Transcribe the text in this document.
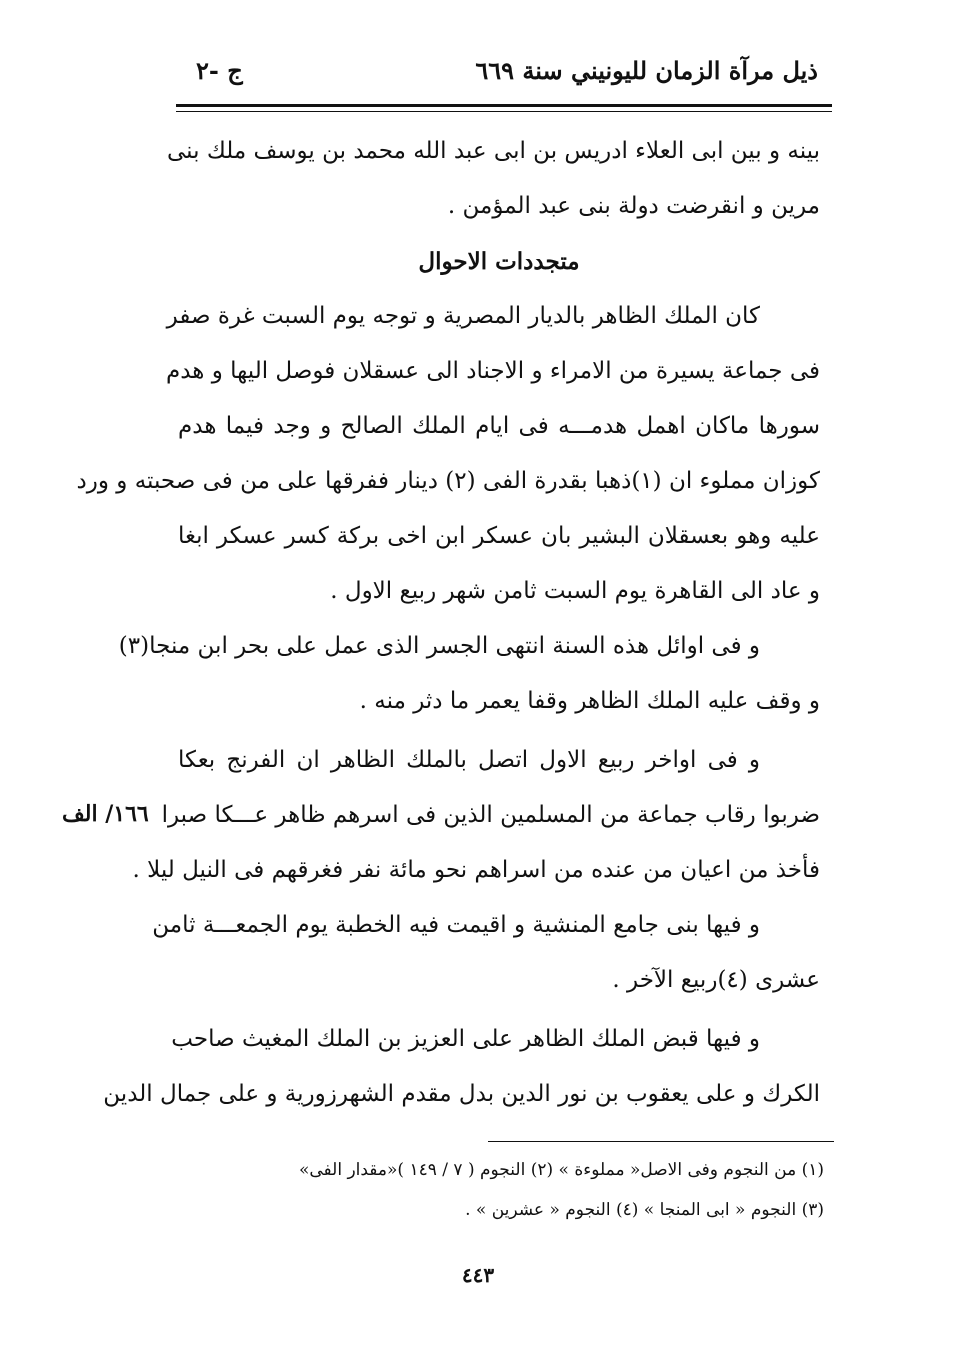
ذيل مرآة الزمان لليونيني سنة ٦٦٩
ج -٢
بينه و بين ابى العلاء ادريس بن ابى عبد الله محمد بن يوسف ملك بنى
مرين و انقرضت دولة بنى عبد المؤمن .
متجددات الاحوال
كان الملك الظاهر بالديار المصرية و توجه يوم السبت غرة صفر
فى جماعة يسيرة من الامراء و الاجناد الى عسقلان فوصل اليها و هدم
سورها ماكان اهمل هدمـــه فى ايام الملك الصالح و وجد فيما هدم
كوزان مملوء ان (١)ذهبا بقدرة الفى (٢) دينار ففرقها على من فى صحبته و ورد
عليه وهو بعسقلان البشير بان عسكر ابن اخى بركة كسر عسكر ابغا
و عاد الى القاهرة يوم السبت ثامن شهر ربيع الاول .
و فى اوائل هذه السنة انتهى الجسر الذى عمل على بحر ابن منجا(٣)
و وقف عليه الملك الظاهر وقفا يعمر ما دثر منه .
و فى اواخر ربيع الاول اتصل بالملك الظاهر ان الفرنج بعكا
ضربوا رقاب جماعة من المسلمين الذين فى اسرهم ظاهر عـــكا صبرا
فأخذ من اعيان من عنده من اسراهم نحو مائة نفر فغرقهم فى النيل ليلا .
و فيها بنى جامع المنشية و اقيمت فيه الخطبة يوم الجمعـــة ثامن
عشرى (٤)ربيع الآخر .
و فيها قبض الملك الظاهر على العزيز بن الملك المغيث صاحب
الكرك و على يعقوب بن نور الدين بدل مقدم الشهرزورية و على جمال الدين
١٦٦/ الف
(١) من النجوم وفى الاصل« مملوءة » (٢) النجوم ( ٧ / ١٤٩ )«مقدار الفى»
(٣) النجوم « ابى المنجا » (٤) النجوم « عشرين » .
٤٤٣
